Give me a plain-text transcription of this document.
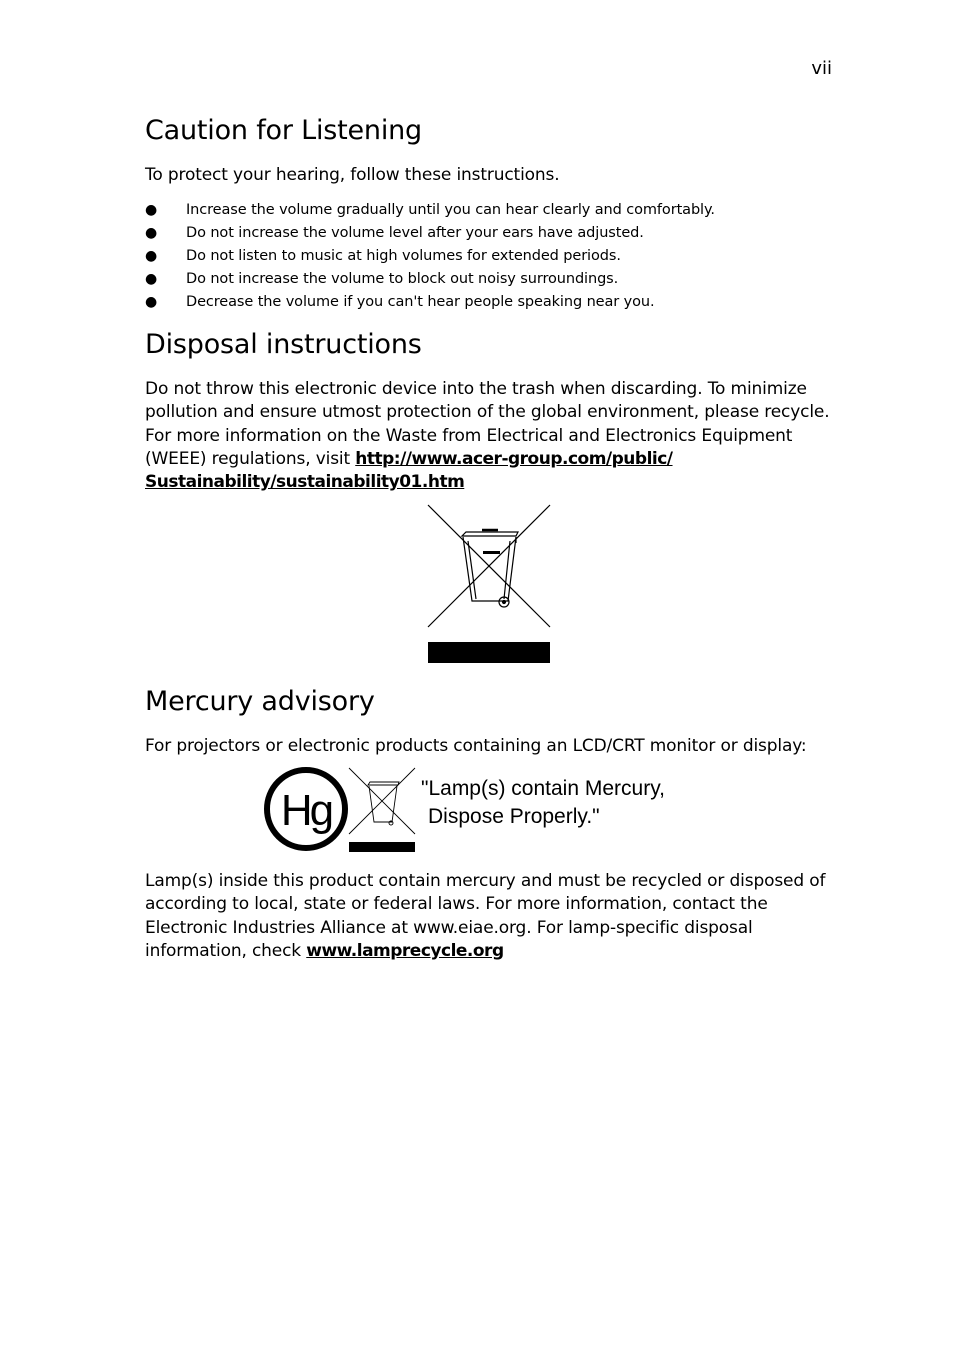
vii
Caution for Listening

To protect your hearing, follow these instructions.

● Increase the volume gradually until you can hear clearly and comfortably.
● Do not increase the volume level after your ears have adjusted.
● Do not listen to music at high volumes for extended periods.
● Do not increase the volume to block out noisy surroundings.
● Decrease the volume if you can't hear people speaking near you.
Disposal instructions

Do not throw this electronic device into the trash when discarding. To minimize pollution and ensure utmost protection of the global environment, please recycle. For more information on the Waste from Electrical and Electronics Equipment (WEEE) regulations, visit http://www.acer-group.com/public/
Sustainability/sustainability01.htm

Mercury advisory

For projectors or electronic products containing an LCD/CRT monitor or display:

Hg	"Lamp(s) contain Mercury,
Dispose Properly."

Lamp(s) inside this product contain mercury and must be recycled or disposed of according to local, state or federal laws. For more information, contact the Electronic Industries Alliance at www.eiae.org. For lamp-specific disposal information, check www.lamprecycle.org
